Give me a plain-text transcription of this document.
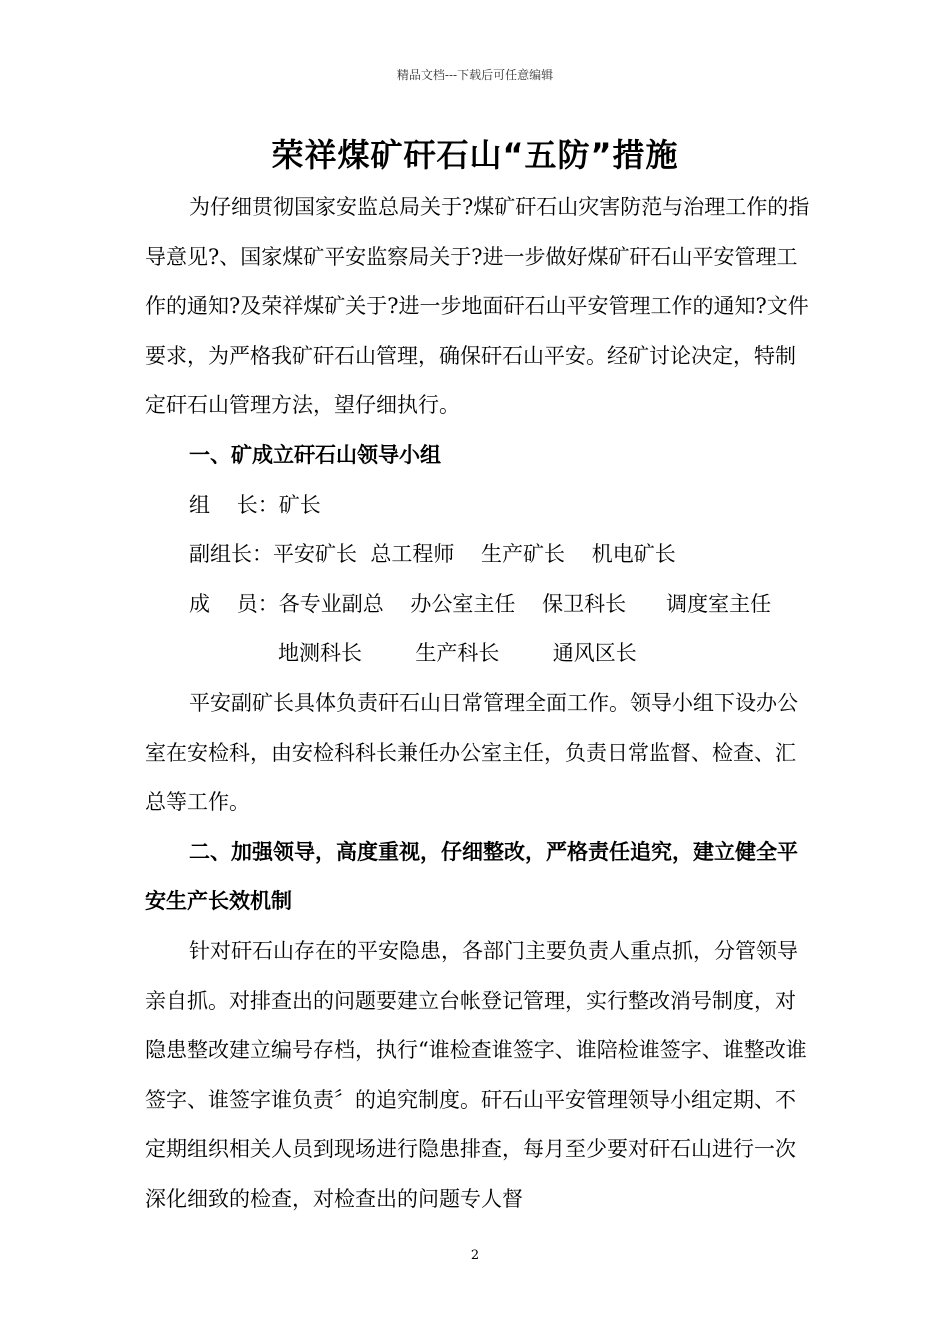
精品文档---下载后可任意编辑
荣祥煤矿矸石山“五防”措施

为仔细贯彻国家安监总局关于?煤矿矸石山灾害防范与治理工作的指导意见?、国家煤矿平安监察局关于?进一步做好煤矿矸石山平安管理工作的通知?及荣祥煤矿关于?进一步地面矸石山平安管理工作的通知?文件要求，为严格我矿矸石山管理，确保矸石山平安。经矿讨论决定，特制定矸石山管理方法，望仔细执行。

一、矿成立矸石山领导小组

组    长：矿长

副组长：平安矿长  总工程师    生产矿长    机电矿长

成    员：各专业副总    办公室主任    保卫科长      调度室主任

地测科长        生产科长        通风区长

平安副矿长具体负责矸石山日常管理全面工作。领导小组下设办公室在安检科，由安检科科长兼任办公室主任，负责日常监督、检查、汇总等工作。

二、加强领导，高度重视，仔细整改，严格责任追究，建立健全平安生产长效机制

针对矸石山存在的平安隐患，各部门主要负责人重点抓，分管领导亲自抓。对排查出的问题要建立台帐登记管理，实行整改消号制度，对隐患整改建立编号存档，执行“谁检查谁签字、谁陪检谁签字、谁整改谁签字、谁签字谁负责〞的追究制度。矸石山平安管理领导小组定期、不定期组织相关人员到现场进行隐患排查，每月至少要对矸石山进行一次深化细致的检查，对检查出的问题专人督

2
